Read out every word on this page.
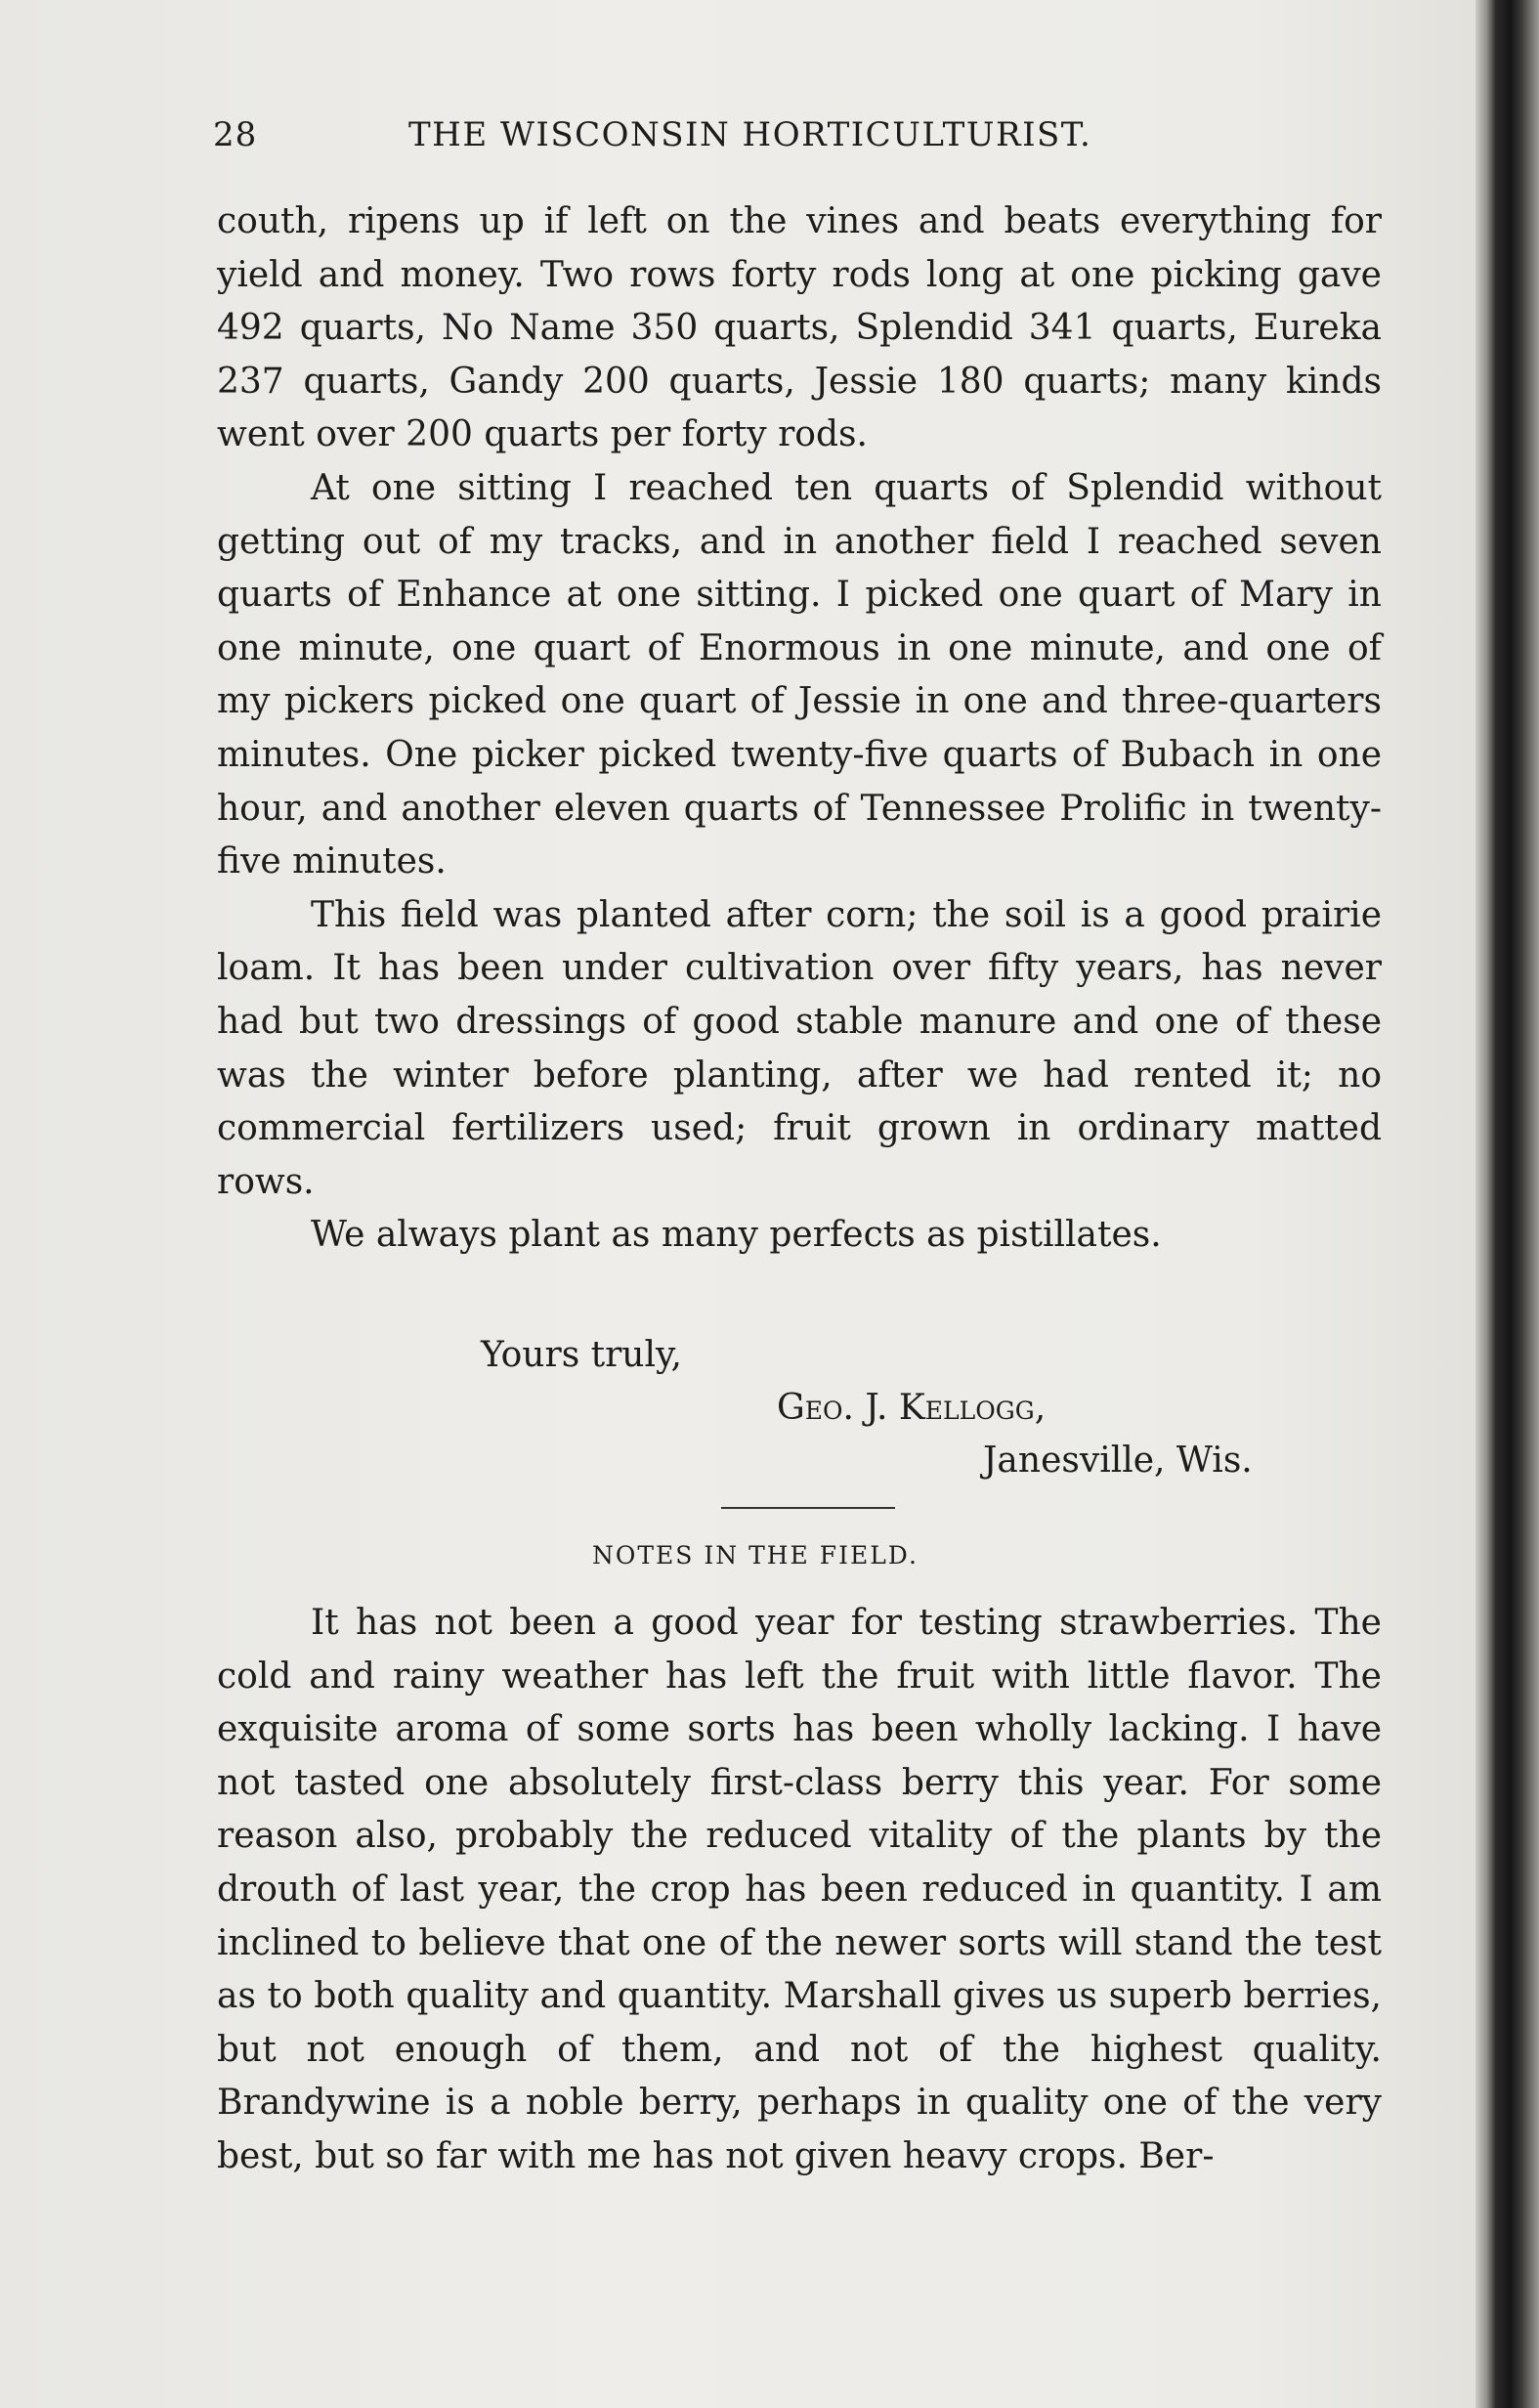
28	THE WISCONSIN HORTICULTURIST.

couth, ripens up if left on the vines and beats everything for yield and money. Two rows forty rods long at one picking gave 492 quarts, No Name 350 quarts, Splendid 341 quarts, Eureka 237 quarts, Gandy 200 quarts, Jessie 180 quarts; many kinds went over 200 quarts per forty rods.

At one sitting I reached ten quarts of Splendid without getting out of my tracks, and in another field I reached seven quarts of Enhance at one sitting. I picked one quart of Mary in one minute, one quart of Enormous in one minute, and one of my pickers picked one quart of Jessie in one and three-quarters minutes. One picker picked twenty-five quarts of Bubach in one hour, and another eleven quarts of Tennessee Prolific in twenty-five minutes.

This field was planted after corn; the soil is a good prairie loam. It has been under cultivation over fifty years, has never had but two dressings of good stable manure and one of these was the winter before planting, after we had rented it; no commercial fertilizers used; fruit grown in ordinary matted rows.

We always plant as many perfects as pistillates.

Yours truly,
Geo. J. Kellogg,
Janesville, Wis.
NOTES IN THE FIELD.

It has not been a good year for testing strawberries. The cold and rainy weather has left the fruit with little flavor. The exquisite aroma of some sorts has been wholly lacking. I have not tasted one absolutely first-class berry this year. For some reason also, probably the reduced vitality of the plants by the drouth of last year, the crop has been reduced in quantity. I am inclined to believe that one of the newer sorts will stand the test as to both quality and quantity. Marshall gives us superb berries, but not enough of them, and not of the highest quality. Brandywine is a noble berry, perhaps in quality one of the very best, but so far with me has not given heavy crops. Ber-
